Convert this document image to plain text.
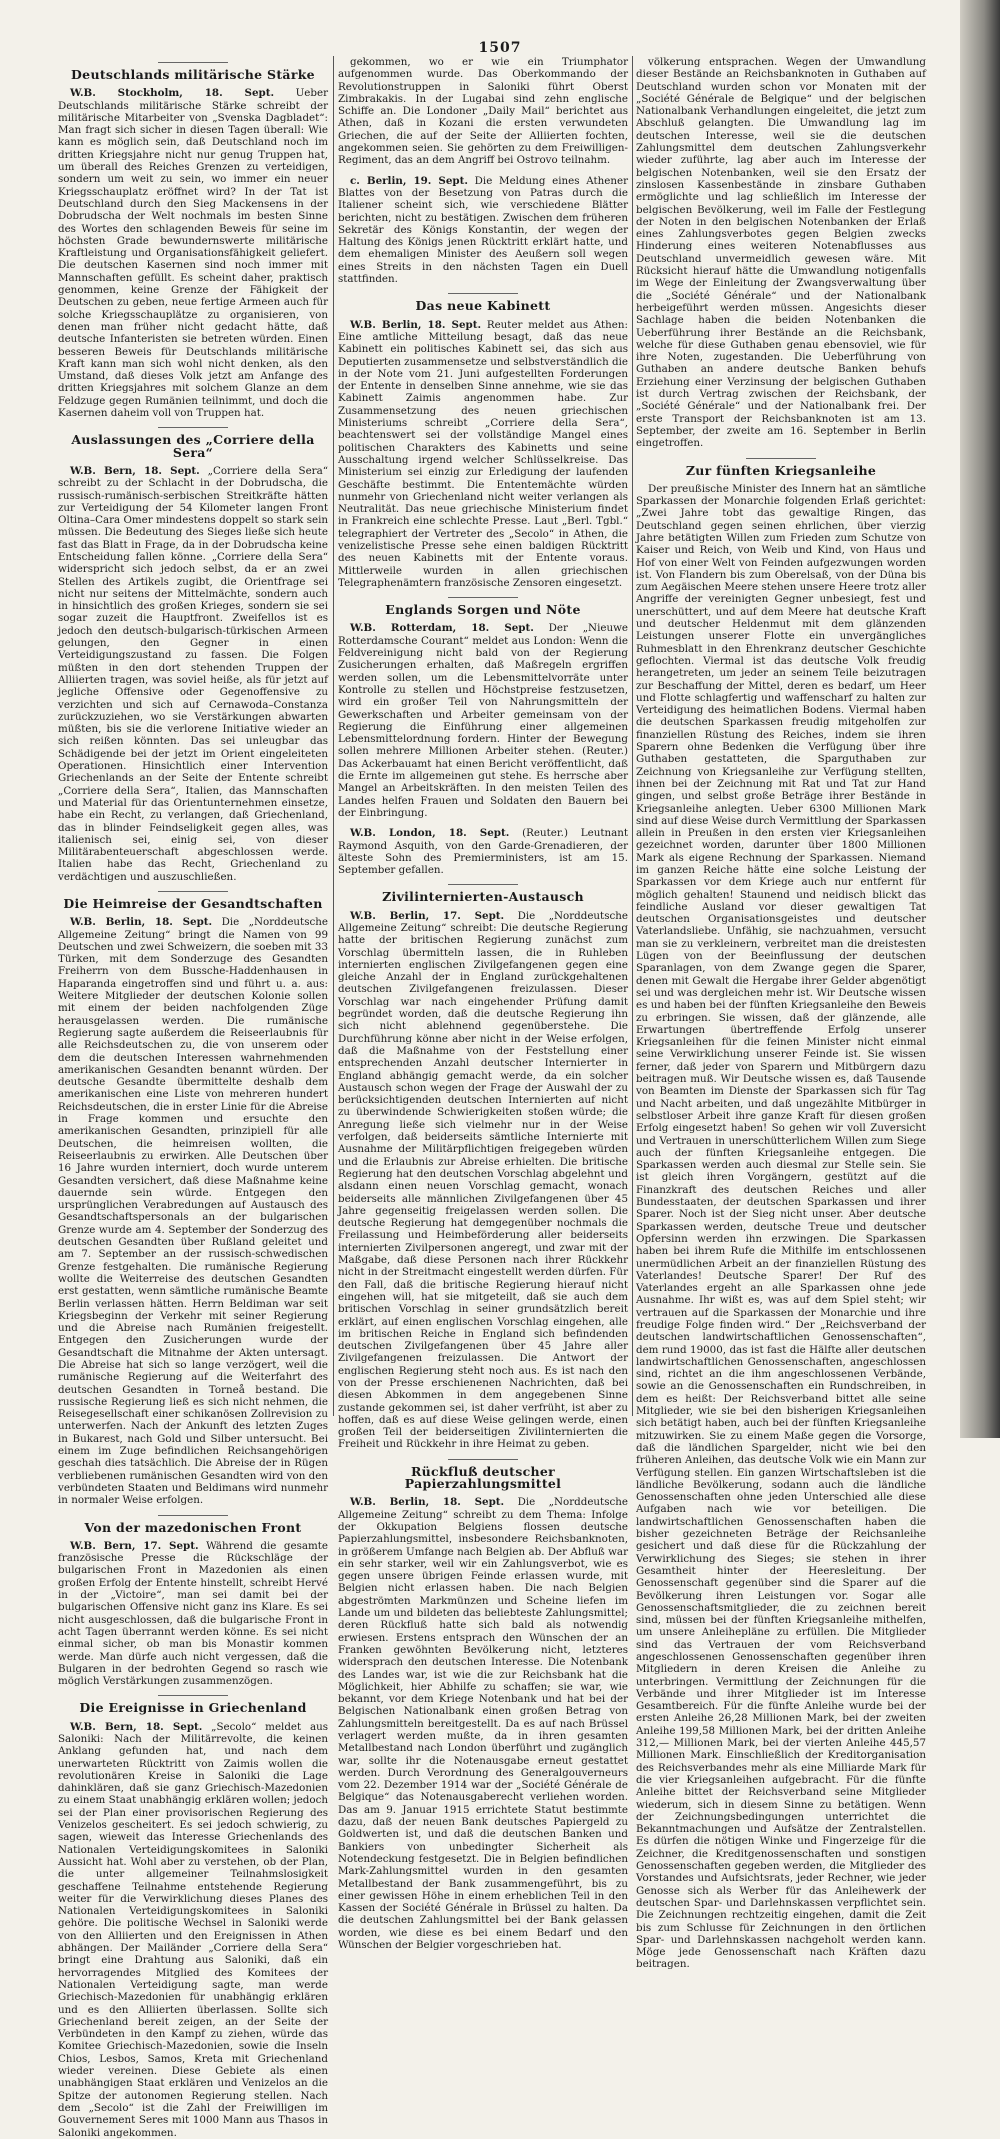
1507
Deutschlands militärische Stärke

W.B. Stockholm, 18. Sept. Ueber Deutschlands militärische Stärke schreibt der militärische Mitarbeiter von „Svenska Dagbladet“: Man fragt sich sicher in diesen Tagen überall: Wie kann es möglich sein, daß Deutschland noch im dritten Kriegsjahre nicht nur genug Truppen hat, um überall des Reiches Grenzen zu verteidigen, sondern um weit zu sein, wo immer ein neuer Kriegsschauplatz eröffnet wird? In der Tat ist Deutschland durch den Sieg Mackensens in der Dobrudscha der Welt nochmals im besten Sinne des Wortes den schlagenden Beweis für seine im höchsten Grade bewundernswerte militärische Kraftleistung und Organisationsfähigkeit geliefert. Die deutschen Kasernen sind noch immer mit Mannschaften gefüllt. Es scheint daher, praktisch genommen, keine Grenze der Fähigkeit der Deutschen zu geben, neue fertige Armeen auch für solche Kriegsschauplätze zu organisieren, von denen man früher nicht gedacht hätte, daß deutsche Infanteristen sie betreten würden. Einen besseren Beweis für Deutschlands militärische Kraft kann man sich wohl nicht denken, als den Umstand, daß dieses Volk jetzt am Anfange des dritten Kriegsjahres mit solchem Glanze an dem Feldzuge gegen Rumänien teilnimmt, und doch die Kasernen daheim voll von Truppen hat.

Auslassungen des „Corriere della Sera“

W.B. Bern, 18. Sept. „Corriere della Sera“ schreibt zu der Schlacht in der Dobrudscha, die russisch-rumänisch-serbischen Streitkräfte hätten zur Verteidigung der 54 Kilometer langen Front Oltina–Cara Omer mindestens doppelt so stark sein müssen. Die Bedeutung des Sieges ließe sich heute fast das Blatt in Frage, da in der Dobrudscha keine Entscheidung fallen könne. „Corriere della Sera“ widerspricht sich jedoch selbst, da er an zwei Stellen des Artikels zugibt, die Orientfrage sei nicht nur seitens der Mittelmächte, sondern auch in hinsichtlich des großen Krieges, sondern sie sei sogar zuzeit die Hauptfront. Zweifellos ist es jedoch den deutsch-bulgarisch-türkischen Armeen gelungen, den Gegner in einen Verteidigungszustand zu fassen. Die Folgen müßten in den dort stehenden Truppen der Alliierten tragen, was soviel heiße, als für jetzt auf jegliche Offensive oder Gegenoffensive zu verzichten und sich auf Cernawoda–Constanza zurückzuziehen, wo sie Verstärkungen abwarten müßten, bis sie die verlorene Initiative wieder an sich reißen könnten. Das sei unleugbar das Schädigende bei der jetzt im Orient eingeleiteten Operationen. Hinsichtlich einer Intervention Griechenlands an der Seite der Entente schreibt „Corriere della Sera“, Italien, das Mannschaften und Material für das Orientunternehmen einsetze, habe ein Recht, zu verlangen, daß Griechenland, das in blinder Feindseligkeit gegen alles, was italienisch sei, einig sei, von dieser Militärabenteuerschaft abgeschlossen werde. Italien habe das Recht, Griechenland zu verdächtigen und auszuschließen.

Die Heimreise der Gesandtschaften

W.B. Berlin, 18. Sept. Die „Norddeutsche Allgemeine Zeitung“ bringt die Namen von 99 Deutschen und zwei Schweizern, die soeben mit 33 Türken, mit dem Sonderzuge des Gesandten Freiherrn von dem Bussche-Haddenhausen in Haparanda eingetroffen sind und führt u. a. aus: Weitere Mitglieder der deutschen Kolonie sollen mit einem der beiden nachfolgenden Züge herausgelassen werden. Die rumänische Regierung sagte außerdem die Reiseerlaubnis für alle Reichsdeutschen zu, die von unserem oder dem die deutschen Interessen wahrnehmenden amerikanischen Gesandten benannt würden. Der deutsche Gesandte übermittelte deshalb dem amerikanischen eine Liste von mehreren hundert Reichsdeutschen, die in erster Linie für die Abreise in Frage kommen und ersuchte den amerikanischen Gesandten, prinzipiell für alle Deutschen, die heimreisen wollten, die Reiseerlaubnis zu erwirken. Alle Deutschen über 16 Jahre wurden interniert, doch wurde unterem Gesandten versichert, daß diese Maßnahme keine dauernde sein würde. Entgegen den ursprünglichen Verabredungen auf Austausch des Gesandtschaftspersonals an der bulgarischen Grenze wurde am 4. September der Sonderzug des deutschen Gesandten über Rußland geleitet und am 7. September an der russisch-schwedischen Grenze festgehalten. Die rumänische Regierung wollte die Weiterreise des deutschen Gesandten erst gestatten, wenn sämtliche rumänische Beamte Berlin verlassen hätten. Herrn Beldiman war seit Kriegsbeginn der Verkehr mit seiner Regierung und die Abreise nach Rumänien freigestellt. Entgegen den Zusicherungen wurde der Gesandtschaft die Mitnahme der Akten untersagt. Die Abreise hat sich so lange verzögert, weil die rumänische Regierung auf die Weiterfahrt des deutschen Gesandten in Torneå bestand. Die russische Regierung ließ es sich nicht nehmen, die Reisegesellschaft einer schikanösen Zollrevision zu unterwerfen. Nach der Ankunft des letzten Zuges in Bukarest, nach Gold und Silber untersucht. Bei einem im Zuge befindlichen Reichsangehörigen geschah dies tatsächlich. Die Abreise der in Rügen verbliebenen rumänischen Gesandten wird von den verbündeten Staaten und Beldimans wird nunmehr in normaler Weise erfolgen.

Von der mazedonischen Front

W.B. Bern, 17. Sept. Während die gesamte französische Presse die Rückschläge der bulgarischen Front in Mazedonien als einen großen Erfolg der Entente hinstellt, schreibt Hervé in der „Victoire“, man sei damit bei der bulgarischen Offensive nicht ganz ins Klare. Es sei nicht ausgeschlossen, daß die bulgarische Front in acht Tagen überrannt werden könne. Es sei nicht einmal sicher, ob man bis Monastir kommen werde. Man dürfe auch nicht vergessen, daß die Bulgaren in der bedrohten Gegend so rasch wie möglich Verstärkungen zusammenzögen.

Die Ereignisse in Griechenland

W.B. Bern, 18. Sept. „Secolo“ meldet aus Saloniki: Nach der Militärrevolte, die keinen Anklang gefunden hat, und nach dem unerwarteten Rücktritt von Zaimis wollen die revolutionären Kreise in Saloniki die Lage dahinklären, daß sie ganz Griechisch-Mazedonien zu einem Staat unabhängig erklären wollen; jedoch sei der Plan einer provisorischen Regierung des Venizelos gescheitert. Es sei jedoch schwierig, zu sagen, wieweit das Interesse Griechenlands des Nationalen Verteidigungskomitees in Saloniki Aussicht hat. Wohl aber zu verstehen, ob der Plan, die unter allgemeiner Teilnahmslosigkeit geschaffene Teilnahme entstehende Regierung weiter für die Verwirklichung dieses Planes des Nationalen Verteidigungskomitees in Saloniki gehöre. Die politische Wechsel in Saloniki werde von den Alliierten und den Ereignissen in Athen abhängen. Der Mailänder „Corriere della Sera“ bringt eine Drahtung aus Saloniki, daß ein hervorragendes Mitglied des Komitees der Nationalen Verteidigung sagte, man werde Griechisch-Mazedonien für unabhängig erklären und es den Alliierten überlassen. Sollte sich Griechenland bereit zeigen, an der Seite der Verbündeten in den Kampf zu ziehen, würde das Komitee Griechisch-Mazedonien, sowie die Inseln Chios, Lesbos, Samos, Kreta mit Griechenland wieder vereinen. Diese Gebiete als einen unabhängigen Staat erklären und Venizelos an die Spitze der autonomen Regierung stellen. Nach dem „Secolo“ ist die Zahl der Freiwilligen im Gouvernement Seres mit 1000 Mann aus Thasos in Saloniki angekommen.

gekommen, wo er wie ein Triumphator aufgenommen wurde. Das Oberkommando der Revolutionstruppen in Saloniki führt Oberst Zimbrakakis. In der Lugabai sind zehn englische Schiffe an. Die Londoner „Daily Mail“ berichtet aus Athen, daß in Kozani die ersten verwundeten Griechen, die auf der Seite der Alliierten fochten, angekommen seien. Sie gehörten zu dem Freiwilligen-Regiment, das an dem Angriff bei Ostrovo teilnahm.

c. Berlin, 19. Sept. Die Meldung eines Athener Blattes von der Besetzung von Patras durch die Italiener scheint sich, wie verschiedene Blätter berichten, nicht zu bestätigen. Zwischen dem früheren Sekretär des Königs Konstantin, der wegen der Haltung des Königs jenen Rücktritt erklärt hatte, und dem ehemaligen Minister des Aeußern soll wegen eines Streits in den nächsten Tagen ein Duell stattfinden.

Das neue Kabinett

W.B. Berlin, 18. Sept. Reuter meldet aus Athen: Eine amtliche Mitteilung besagt, daß das neue Kabinett ein politisches Kabinett sei, das sich aus Deputierten zusammensetze und selbstverständlich die in der Note vom 21. Juni aufgestellten Forderungen der Entente in denselben Sinne annehme, wie sie das Kabinett Zaimis angenommen habe. Zur Zusammensetzung des neuen griechischen Ministeriums schreibt „Corriere della Sera“, beachtenswert sei der vollständige Mangel eines politischen Charakters des Kabinetts und seine Ausschaltung irgend welcher Schlüsselkreise. Das Ministerium sei einzig zur Erledigung der laufenden Geschäfte bestimmt. Die Ententemächte würden nunmehr von Griechenland nicht weiter verlangen als Neutralität. Das neue griechische Ministerium findet in Frankreich eine schlechte Presse. Laut „Berl. Tgbl.“ telegraphiert der Vertreter des „Secolo“ in Athen, die venizelistische Presse sehe einen baldigen Rücktritt des neuen Kabinetts mit der Entente voraus. Mittlerweile wurden in allen griechischen Telegraphenämtern französische Zensoren eingesetzt.

Englands Sorgen und Nöte

W.B. Rotterdam, 18. Sept. Der „Nieuwe Rotterdamsche Courant“ meldet aus London: Wenn die Feldvereinigung nicht bald von der Regierung Zusicherungen erhalten, daß Maßregeln ergriffen werden sollen, um die Lebensmittelvorräte unter Kontrolle zu stellen und Höchstpreise festzusetzen, wird ein großer Teil von Nahrungsmitteln der Gewerkschaften und Arbeiter gemeinsam von der Regierung die Einführung einer allgemeinen Lebensmittelordnung fordern. Hinter der Bewegung sollen mehrere Millionen Arbeiter stehen. (Reuter.) Das Ackerbauamt hat einen Bericht veröffentlicht, daß die Ernte im allgemeinen gut stehe. Es herrsche aber Mangel an Arbeitskräften. In den meisten Teilen des Landes helfen Frauen und Soldaten den Bauern bei der Einbringung.

W.B. London, 18. Sept. (Reuter.) Leutnant Raymond Asquith, von den Garde-Grenadieren, der älteste Sohn des Premierministers, ist am 15. September gefallen.

Zivilinternierten-Austausch

W.B. Berlin, 17. Sept. Die „Norddeutsche Allgemeine Zeitung“ schreibt: Die deutsche Regierung hatte der britischen Regierung zunächst zum Vorschlag übermitteln lassen, die in Ruhleben internierten englischen Zivilgefangenen gegen eine gleiche Anzahl der in England zurückgehaltenen deutschen Zivilgefangenen freizulassen. Dieser Vorschlag war nach eingehender Prüfung damit begründet worden, daß die deutsche Regierung ihn sich nicht ablehnend gegenüberstehe. Die Durchführung könne aber nicht in der Weise erfolgen, daß die Maßnahme von der Feststellung einer entsprechenden Anzahl deutscher Internierter in England abhängig gemacht werde, da ein solcher Austausch schon wegen der Frage der Auswahl der zu berücksichtigenden deutschen Internierten auf nicht zu überwindende Schwierigkeiten stoßen würde; die Anregung ließe sich vielmehr nur in der Weise verfolgen, daß beiderseits sämtliche Internierte mit Ausnahme der Militärpflichtigen freigegeben würden und die Erlaubnis zur Abreise erhielten. Die britische Regierung hat den deutschen Vorschlag abgelehnt und alsdann einen neuen Vorschlag gemacht, wonach beiderseits alle männlichen Zivilgefangenen über 45 Jahre gegenseitig freigelassen werden sollen. Die deutsche Regierung hat demgegenüber nochmals die Freilassung und Heimbeförderung aller beiderseits internierten Zivilpersonen angeregt, und zwar mit der Maßgabe, daß diese Personen nach ihrer Rückkehr nicht in der Streitmacht eingestellt werden dürfen. Für den Fall, daß die britische Regierung hierauf nicht eingehen will, hat sie mitgeteilt, daß sie auch dem britischen Vorschlag in seiner grundsätzlich bereit erklärt, auf einen englischen Vorschlag eingehen, alle im britischen Reiche in England sich befindenden deutschen Zivilgefangenen über 45 Jahre aller Zivilgefangenen freizulassen. Die Antwort der englischen Regierung steht noch aus. Es ist nach den von der Presse erschienenen Nachrichten, daß bei diesen Abkommen in dem angegebenen Sinne zustande gekommen sei, ist daher verfrüht, ist aber zu hoffen, daß es auf diese Weise gelingen werde, einen großen Teil der beiderseitigen Zivilinternierten die Freiheit und Rückkehr in ihre Heimat zu geben.

Rückfluß deutscher Papierzahlungsmittel

W.B. Berlin, 18. Sept. Die „Norddeutsche Allgemeine Zeitung“ schreibt zu dem Thema: Infolge der Okkupation Belgiens flossen deutsche Papierzahlungsmittel, insbesondere Reichsbanknoten, in größerem Umfange nach Belgien ab. Der Abfluß war ein sehr starker, weil wir ein Zahlungsverbot, wie es gegen unsere übrigen Feinde erlassen wurde, mit Belgien nicht erlassen haben. Die nach Belgien abgeströmten Markmünzen und Scheine liefen im Lande um und bildeten das beliebteste Zahlungsmittel; deren Rückfluß hatte sich bald als notwendig erwiesen. Erstens entsprach den Wünschen der an Franken gewöhnten Bevölkerung nicht, letzteres widersprach den deutschen Interesse. Die Notenbank des Landes war, ist wie die zur Reichsbank hat die Möglichkeit, hier Abhilfe zu schaffen; sie war, wie bekannt, vor dem Kriege Notenbank und hat bei der Belgischen Nationalbank einen großen Betrag von Zahlungsmitteln bereitgestellt. Da es auf nach Brüssel verlagert werden mußte, da in ihren gesamten Metallbestand nach London überführt und zugänglich war, sollte ihr die Notenausgabe erneut gestattet werden. Durch Verordnung des Generalgouverneurs vom 22. Dezember 1914 war der „Société Générale de Belgique“ das Notenausgaberecht verliehen worden. Das am 9. Januar 1915 errichtete Statut bestimmte dazu, daß der neuen Bank deutsches Papiergeld zu Goldwerten ist, und daß die deutschen Banken und Bankiers von unbedingter Sicherheit als Notendeckung festgesetzt. Die in Belgien befindlichen Mark-Zahlungsmittel wurden in den gesamten Metallbestand der Bank zusammengeführt, bis zu einer gewissen Höhe in einem erheblichen Teil in den Kassen der Société Générale in Brüssel zu halten. Da die deutschen Zahlungsmittel bei der Bank gelassen worden, wie diese es bei einem Bedarf und den Wünschen der Belgier vorgeschrieben hat.

völkerung entsprachen. Wegen der Umwandlung dieser Bestände an Reichsbanknoten in Guthaben auf Deutschland wurden schon vor Monaten mit der „Société Générale de Belgique“ und der belgischen Nationalbank Verhandlungen eingeleitet, die jetzt zum Abschluß gelangten. Die Umwandlung lag im deutschen Interesse, weil sie die deutschen Zahlungsmittel dem deutschen Zahlungsverkehr wieder zuführte, lag aber auch im Interesse der belgischen Notenbanken, weil sie den Ersatz der zinslosen Kassenbestände in zinsbare Guthaben ermöglichte und lag schließlich im Interesse der belgischen Bevölkerung, weil im Falle der Festlegung der Noten in den belgischen Notenbanken der Erlaß eines Zahlungsverbotes gegen Belgien zwecks Hinderung eines weiteren Notenabflusses aus Deutschland unvermeidlich gewesen wäre. Mit Rücksicht hierauf hätte die Umwandlung notigenfalls im Wege der Einleitung der Zwangsverwaltung über die „Société Générale“ und der Nationalbank herbeigeführt werden müssen. Angesichts dieser Sachlage haben die beiden Notenbanken die Ueberführung ihrer Bestände an die Reichsbank, welche für diese Guthaben genau ebensoviel, wie für ihre Noten, zugestanden. Die Ueberführung von Guthaben an andere deutsche Banken behufs Erziehung einer Verzinsung der belgischen Guthaben ist durch Vertrag zwischen der Reichsbank, der „Société Générale“ und der Nationalbank frei. Der erste Transport der Reichsbanknoten ist am 13. September, der zweite am 16. September in Berlin eingetroffen.

Zur fünften Kriegsanleihe

Der preußische Minister des Innern hat an sämtliche Sparkassen der Monarchie folgenden Erlaß gerichtet: „Zwei Jahre tobt das gewaltige Ringen, das Deutschland gegen seinen ehrlichen, über vierzig Jahre betätigten Willen zum Frieden zum Schutze von Kaiser und Reich, von Weib und Kind, von Haus und Hof von einer Welt von Feinden aufgezwungen worden ist. Von Flandern bis zum Oberelsaß, von der Düna bis zum Aegäischen Meere stehen unsere Heere trotz aller Angriffe der vereinigten Gegner unbesiegt, fest und unerschüttert, und auf dem Meere hat deutsche Kraft und deutscher Heldenmut mit dem glänzenden Leistungen unserer Flotte ein unvergängliches Ruhmesblatt in den Ehrenkranz deutscher Geschichte geflochten. Viermal ist das deutsche Volk freudig herangetreten, um jeder an seinem Teile beizutragen zur Beschaffung der Mittel, deren es bedarf, um Heer und Flotte schlagfertig und waffenscharf zu halten zur Verteidigung des heimatlichen Bodens. Viermal haben die deutschen Sparkassen freudig mitgeholfen zur finanziellen Rüstung des Reiches, indem sie ihren Sparern ohne Bedenken die Verfügung über ihre Guthaben gestatteten, die Sparguthaben zur Zeichnung von Kriegsanleihe zur Verfügung stellten, ihnen bei der Zeichnung mit Rat und Tat zur Hand gingen, und selbst große Beträge ihrer Bestände in Kriegsanleihe anlegten. Ueber 6300 Millionen Mark sind auf diese Weise durch Vermittlung der Sparkassen allein in Preußen in den ersten vier Kriegsanleihen gezeichnet worden, darunter über 1800 Millionen Mark als eigene Rechnung der Sparkassen. Niemand im ganzen Reiche hätte eine solche Leistung der Sparkassen vor dem Kriege auch nur entfernt für möglich gehalten! Staunend und neidisch blickt das feindliche Ausland vor dieser gewaltigen Tat deutschen Organisationsgeistes und deutscher Vaterlandsliebe. Unfähig, sie nachzuahmen, versucht man sie zu verkleinern, verbreitet man die dreistesten Lügen von der Beeinflussung der deutschen Sparanlagen, von dem Zwange gegen die Sparer, denen mit Gewalt die Hergabe ihrer Gelder abgenötigt sei und was dergleichen mehr ist. Wir Deutsche wissen es und haben bei der fünften Kriegsanleihe den Beweis zu erbringen. Sie wissen, daß der glänzende, alle Erwartungen übertreffende Erfolg unserer Kriegsanleihen für die feinen Minister nicht einmal seine Verwirklichung unserer Feinde ist. Sie wissen ferner, daß jeder von Sparern und Mitbürgern dazu beitragen muß. Wir Deutsche wissen es, daß Tausende von Beamten im Dienste der Sparkassen sich für Tag und Nacht arbeiten, und daß ungezählte Mitbürger in selbstloser Arbeit ihre ganze Kraft für diesen großen Erfolg eingesetzt haben! So gehen wir voll Zuversicht und Vertrauen in unerschütterlichem Willen zum Siege auch der fünften Kriegsanleihe entgegen. Die Sparkassen werden auch diesmal zur Stelle sein. Sie ist gleich ihren Vorgängern, gestützt auf die Finanzkraft des deutschen Reiches und aller Bundesstaaten, der deutschen Sparkassen und ihrer Sparer. Noch ist der Sieg nicht unser. Aber deutsche Sparkassen werden, deutsche Treue und deutscher Opfersinn werden ihn erzwingen. Die Sparkassen haben bei ihrem Rufe die Mithilfe im entschlossenen unermüdlichen Arbeit an der finanziellen Rüstung des Vaterlandes! Deutsche Sparer! Der Ruf des Vaterlandes ergeht an alle Sparkassen ohne jede Ausnahme. Ihr wißt es, was auf dem Spiel steht; wir vertrauen auf die Sparkassen der Monarchie und ihre freudige Folge finden wird.“ Der „Reichsverband der deutschen landwirtschaftlichen Genossenschaften“, dem rund 19000, das ist fast die Hälfte aller deutschen landwirtschaftlichen Genossenschaften, angeschlossen sind, richtet an die ihm angeschlossenen Verbände, sowie an die Genossenschaften ein Rundschreiben, in dem es heißt: Der Reichsverband bittet alle seine Mitglieder, wie sie bei den bisherigen Kriegsanleihen sich betätigt haben, auch bei der fünften Kriegsanleihe mitzuwirken. Sie zu einem Maße gegen die Vorsorge, daß die ländlichen Spargelder, nicht wie bei den früheren Anleihen, das deutsche Volk wie ein Mann zur Verfügung stellen. Ein ganzen Wirtschaftsleben ist die ländliche Bevölkerung, sodann auch die ländliche Genossenschaften ohne jeden Unterschied alle diese Aufgaben nach wie vor beteiligen. Die landwirtschaftlichen Genossenschaften haben die bisher gezeichneten Beträge der Reichsanleihe gesichert und daß diese für die Rückzahlung der Verwirklichung des Sieges; sie stehen in ihrer Gesamtheit hinter der Heeresleitung. Der Genossenschaft gegenüber sind die Sparer auf die Bevölkerung ihren Leistungen vor. Sogar alle Genossenschaftsmitglieder, die zu zeichnen bereit sind, müssen bei der fünften Kriegsanleihe mithelfen, um unsere Anleihepläne zu erfüllen. Die Mitglieder sind das Vertrauen der vom Reichsverband angeschlossenen Genossenschaften gegenüber ihren Mitgliedern in deren Kreisen die Anleihe zu unterbringen. Vermittlung der Zeichnungen für die Verbände und ihrer Mitglieder ist im Interesse Gesamtbereich. Für die fünfte Anleihe wurde bei der ersten Anleihe 26,28 Millionen Mark, bei der zweiten Anleihe 199,58 Millionen Mark, bei der dritten Anleihe 312,— Millionen Mark, bei der vierten Anleihe 445,57 Millionen Mark. Einschließlich der Kreditorganisation des Reichsverbandes mehr als eine Milliarde Mark für die vier Kriegsanleihen aufgebracht. Für die fünfte Anleihe bittet der Reichsverband seine Mitglieder wiederum, sich in diesem Sinne zu betätigen. Wenn der Zeichnungsbedingungen unterrichtet die Bekanntmachungen und Aufsätze der Zentralstellen. Es dürfen die nötigen Winke und Fingerzeige für die Zeichner, die Kreditgenossenschaften und sonstigen Genossenschaften gegeben werden, die Mitglieder des Vorstandes und Aufsichtsrats, jeder Rechner, wie jeder Genosse sich als Werber für das Anleihewerk der deutschen Spar- und Darlehnskassen verpflichtet sein. Die Zeichnungen rechtzeitig eingehen, damit die Zeit bis zum Schlusse für Zeichnungen in den örtlichen Spar- und Darlehnskassen nachgeholt werden kann. Möge jede Genossenschaft nach Kräften dazu beitragen.
